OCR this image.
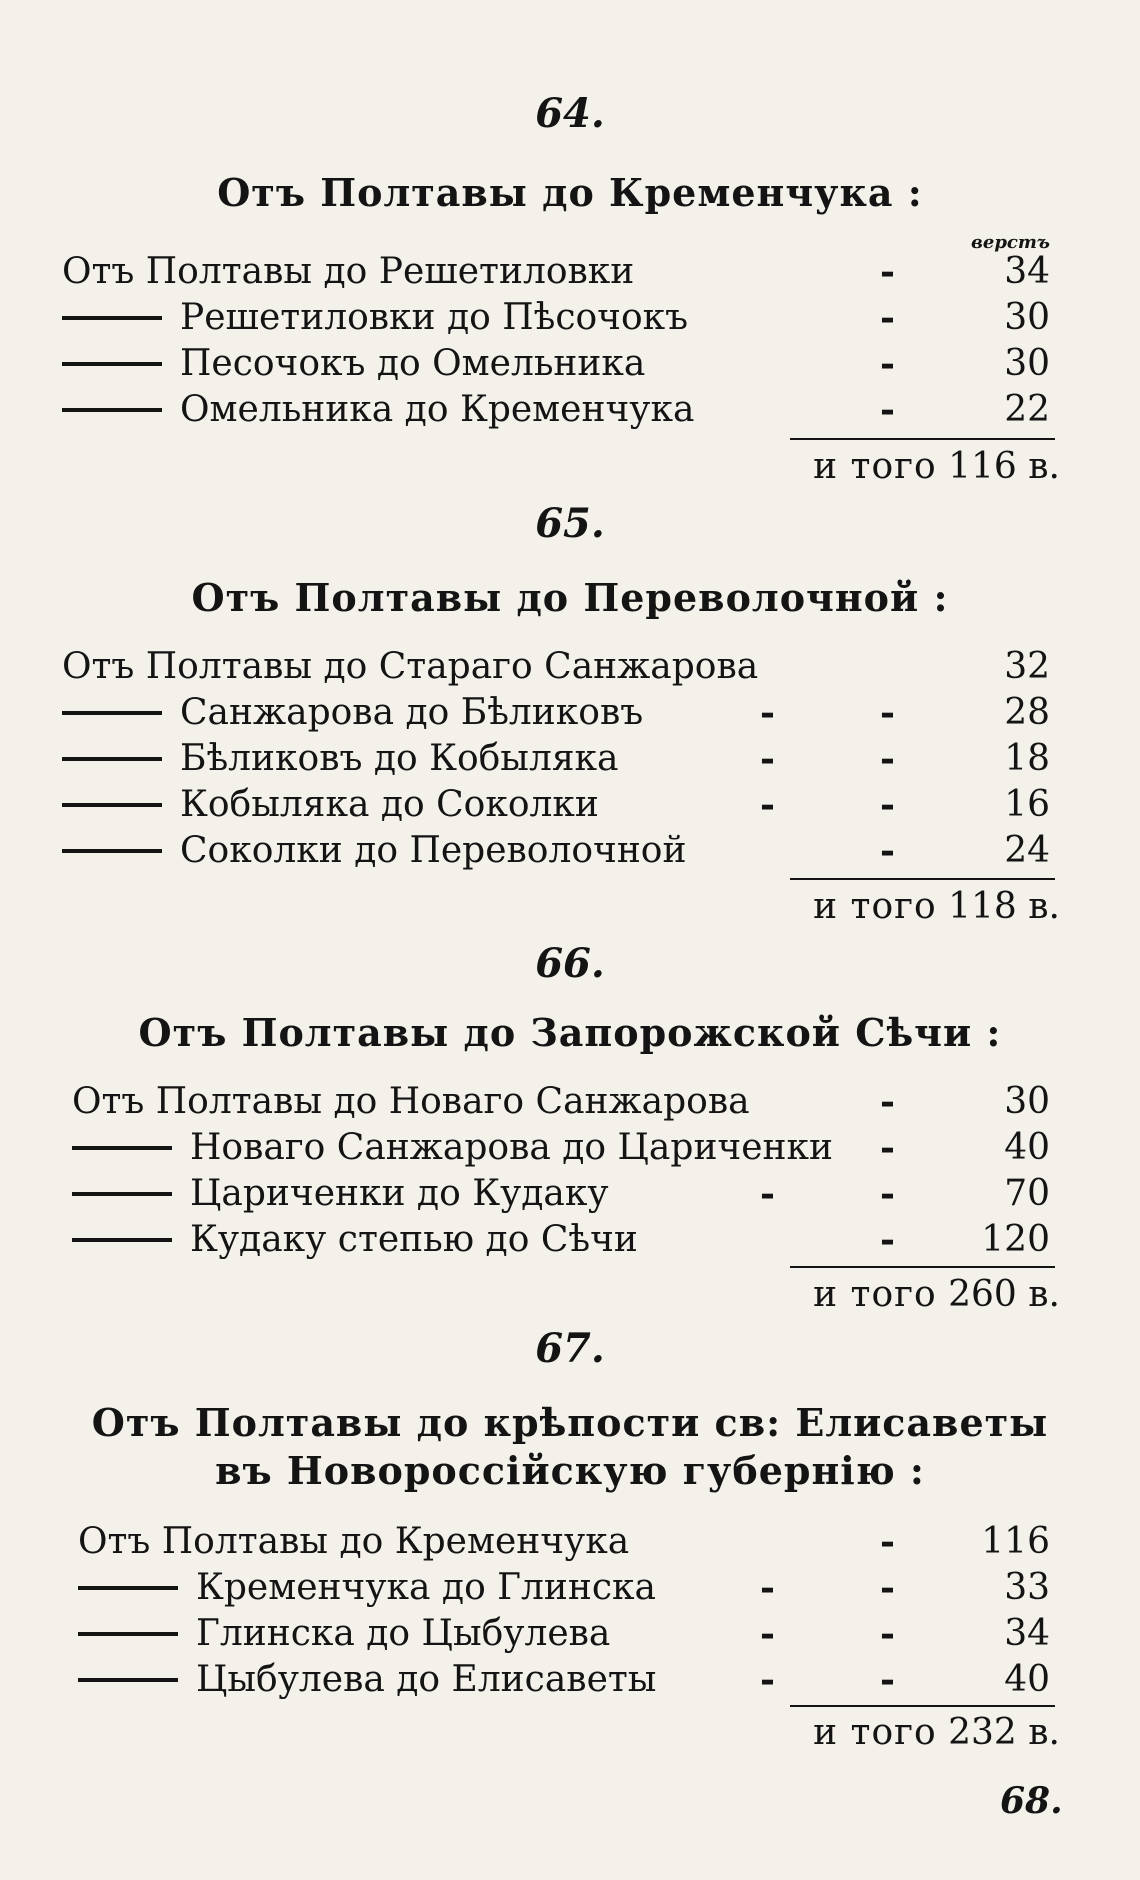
верстъ
64.
Отъ Полтавы до Кременчука :
Отъ Полтавы до Решетиловки	-	34
Решетиловки до Пѣсочокъ	-	30
Песочокъ до Омельника	-	30
Омельника до Кременчука	-	22
и того 116 в.
65.
Отъ Полтавы до Переволочной :
Отъ Полтавы до Стараго Санжарова	32
Санжарова до Бѣликовъ	-	-	28
Бѣликовъ до Кобыляка	-	-	18
Кобыляка до Соколки	-	-	16
Соколки до Переволочной	-	24
и того 118 в.
66.
Отъ Полтавы до Запорожской Сѣчи :
Отъ Полтавы до Новаго Санжарова	-	30
Новаго Санжарова до Цариченки -	40
Цариченки до Кудаку	-	-	70
Кудаку степью до Сѣчи	-	120
и того 260 в.
67.
Отъ Полтавы до крѣпости св: Елисаветы
въ Новороссiйскую губернiю :
Отъ Полтавы до Кременчука	-	116
Кременчука до Глинска	-	-	33
Глинска до Цыбулева	-	-	34
Цыбулева до Елисаветы	-	-	40
и того 232 в.
68.
